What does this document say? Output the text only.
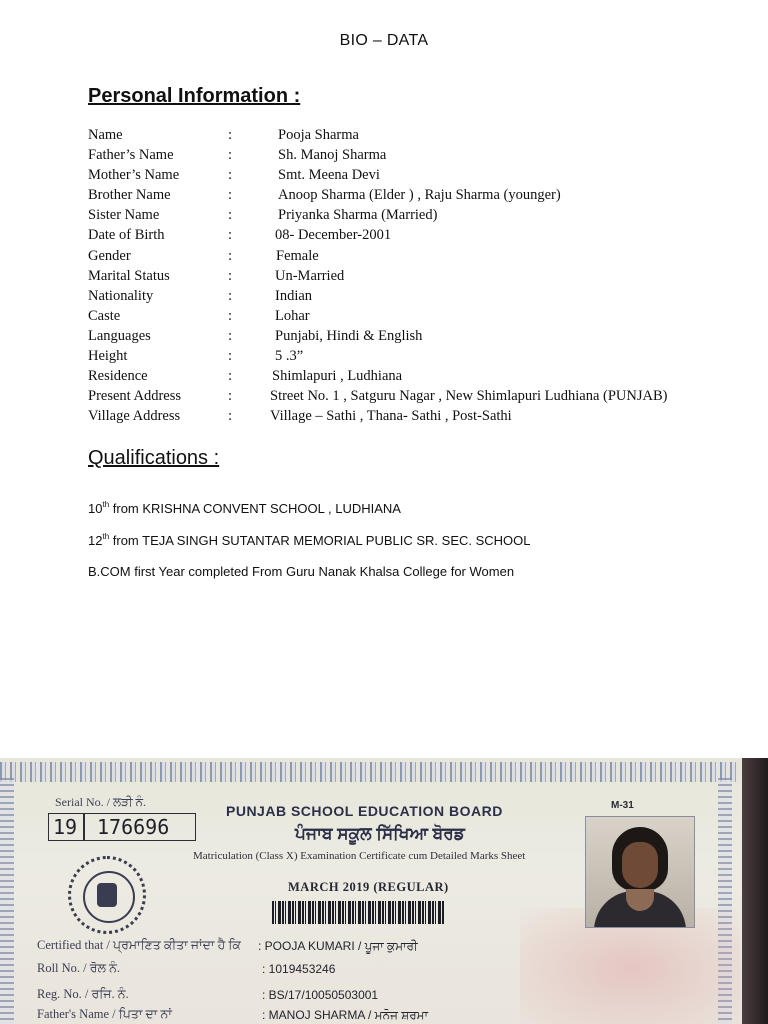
BIO – DATA
Personal Information :
Name	:	Pooja Sharma
Father’s Name	:	Sh. Manoj Sharma
Mother’s Name	:	Smt. Meena Devi
Brother Name	:	Anoop Sharma (Elder ) , Raju Sharma (younger)
Sister Name	:	Priyanka Sharma (Married)
Date of Birth	:	08- December-2001
Gender	:	Female
Marital Status	:	Un-Married
Nationality	:	Indian
Caste	:	Lohar
Languages	:	Punjabi, Hindi & English
Height	:	5 .3”
Residence	:	Shimlapuri , Ludhiana
Present Address	:	Street No. 1 , Satguru Nagar , New Shimlapuri Ludhiana (PUNJAB)
Village Address	:	Village – Sathi , Thana- Sathi , Post-Sathi
Qualifications :
10th from KRISHNA CONVENT SCHOOL , LUDHIANA
12th from TEJA SINGH SUTANTAR MEMORIAL PUBLIC SR. SEC. SCHOOL
B.COM first Year completed From Guru Nanak Khalsa College for Women
Serial No. / ਲੜੀ ਨੰ.
19 176696
PUNJAB SCHOOL EDUCATION BOARD
ਪੰਜਾਬ ਸਕੂਲ ਸਿੱਖਿਆ ਬੋਰਡ
Matriculation (Class X) Examination Certificate cum Detailed Marks Sheet
MARCH 2019 (REGULAR)
M-31
Certified that / ਪ੍ਰਮਾਣਿਤ ਕੀਤਾ ਜਾਂਦਾ ਹੈ ਕਿ : POOJA KUMARI / ਪੂਜਾ ਕੁਮਾਰੀ
Roll No. / ਰੋਲ ਨੰ.	: 1019453246
Reg. No. / ਰਜਿ. ਨੰ.	: BS/17/10050503001
Father's Name / ਪਿਤਾ ਦਾ ਨਾਂ	: MANOJ SHARMA / ਮਨੋਜ ਸ਼ਰਮਾ
